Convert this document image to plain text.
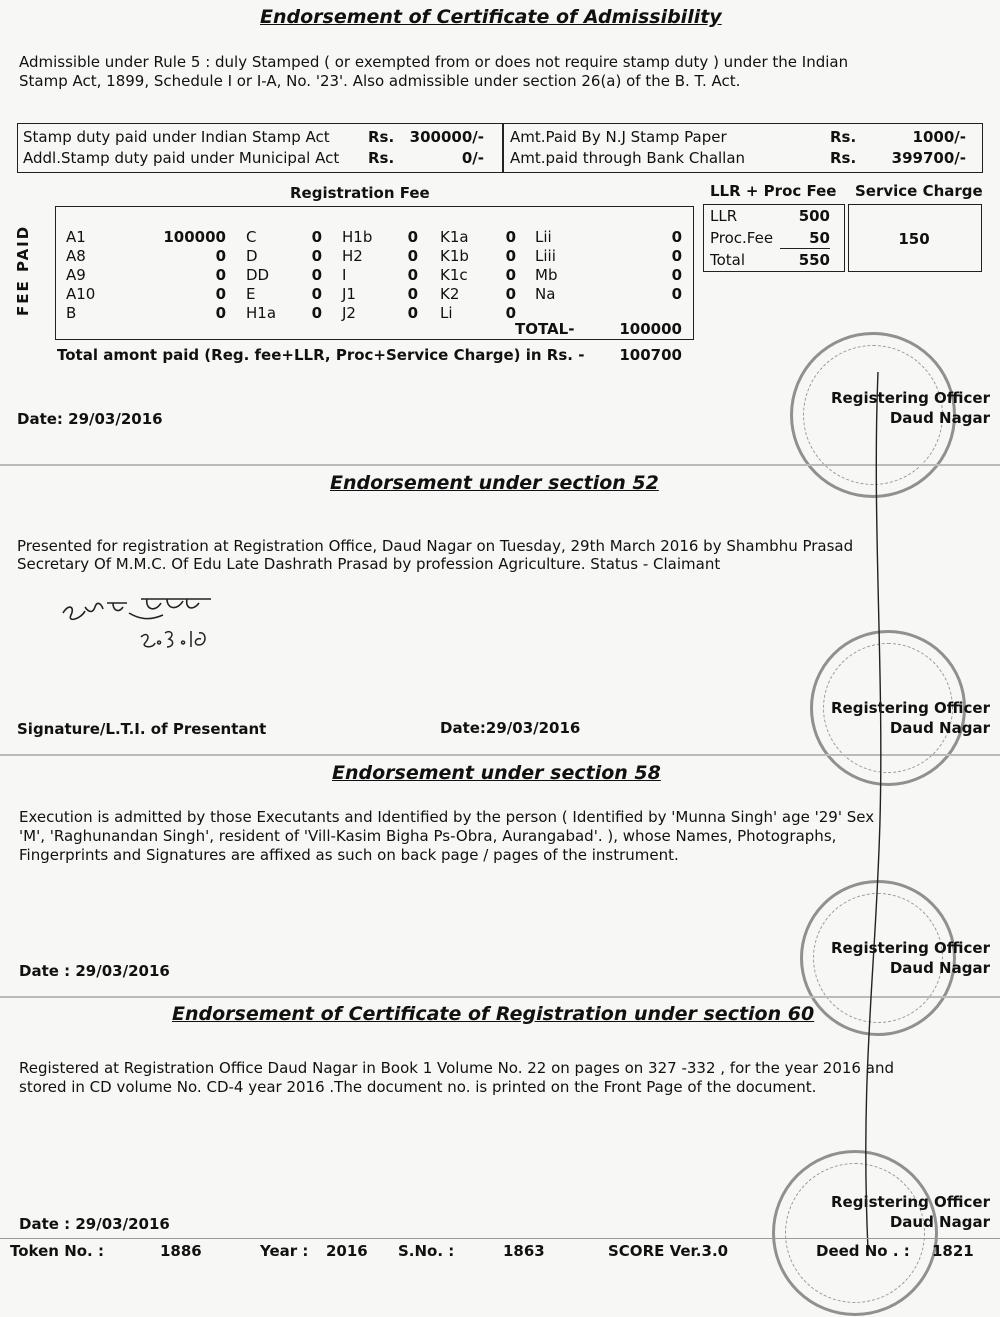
Endorsement of Certificate of Admissibility
Admissible under Rule 5 : duly Stamped ( or exempted from or does not require stamp duty ) under the Indian
Stamp Act, 1899, Schedule I or I-A, No. '23'. Also admissible under section 26(a) of the B. T. Act.
Stamp duty paid under Indian Stamp Act	Rs.	300000/-
Addl.Stamp duty paid under Municipal Act Rs.	0/-
Amt.Paid By N.J Stamp Paper	Rs.	1000/-
Amt.paid through Bank Challan	Rs.	399700/-
Registration Fee	LLR + Proc Fee Service Charge
FEE PAID A1	100000 C	0 H1b	0 K1a	0 Lii	0
A8	0 D	0 H2	0 K1b	0 Liii	0
A9	0 DD	0 I	0 K1c	0 Mb	0
A10	0 E	0 J1	0 K2	0 Na	0
B	0 H1a	0 J2	0 Li	0
TOTAL-	100000
LLR	500
Proc.Fee	50
Total	550
150
Total amont paid (Reg. fee+LLR, Proc+Service Charge) in Rs. -	100700
Date: 29/03/2016
Registering Officer
Daud Nagar
Endorsement under section 52
Presented for registration at Registration Office, Daud Nagar on Tuesday, 29th March 2016 by Shambhu Prasad
Secretary Of M.M.C. Of Edu Late Dashrath Prasad by profession Agriculture. Status - Claimant
Signature/L.T.I. of Presentant	Date:29/03/2016
Registering Officer
Daud Nagar
Endorsement under section 58
Execution is admitted by those Executants and Identified by the person ( Identified by 'Munna Singh' age '29' Sex
'M', 'Raghunandan Singh', resident of 'Vill-Kasim Bigha Ps-Obra, Aurangabad'. ), whose Names, Photographs,
Fingerprints and Signatures are affixed as such on back page / pages of the instrument.
Date : 29/03/2016
Registering Officer
Daud Nagar
Endorsement of Certificate of Registration under section 60
Registered at Registration Office Daud Nagar in Book 1 Volume No. 22 on pages on 327 -332 , for the year 2016 and
stored in CD volume No. CD-4 year 2016 .The document no. is printed on the Front Page of the document.
Date : 29/03/2016
Registering Officer
Daud Nagar
Token No. :	1886	Year : 2016 S.No. :	1863	SCORE Ver.3.0	Deed No . : 1821
